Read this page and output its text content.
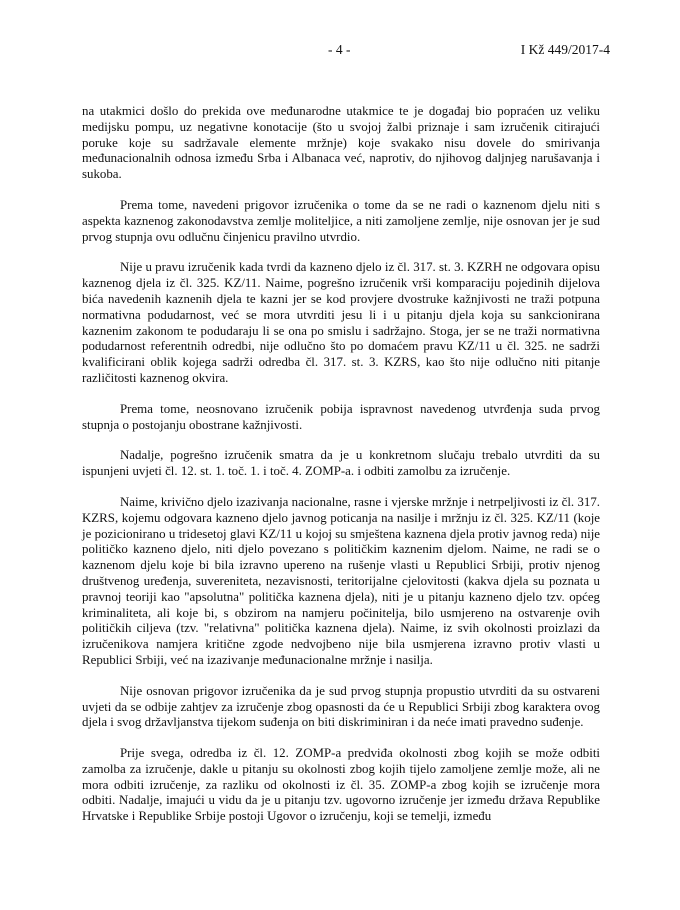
- 4 -	I Kž 449/2017-4

na utakmici došlo do prekida ove međunarodne utakmice te je događaj bio popraćen uz veliku medijsku pompu, uz negativne konotacije (što u svojoj žalbi priznaje i sam izručenik citirajući poruke koje su sadržavale elemente mržnje) koje svakako nisu dovele do smirivanja međunacionalnih odnosa između Srba i Albanaca već, naprotiv, do njihovog daljnjeg narušavanja i sukoba.

Prema tome, navedeni prigovor izručenika o tome da se ne radi o kaznenom djelu niti s aspekta kaznenog zakonodavstva zemlje moliteljice, a niti zamoljene zemlje, nije osnovan jer je sud prvog stupnja ovu odlučnu činjenicu pravilno utvrdio.

Nije u pravu izručenik kada tvrdi da kazneno djelo iz čl. 317. st. 3. KZRH ne odgovara opisu kaznenog djela iz čl. 325. KZ/11. Naime, pogrešno izručenik vrši komparaciju pojedinih dijelova bića navedenih kaznenih djela te kazni jer se kod provjere dvostruke kažnjivosti ne traži potpuna normativna podudarnost, već se mora utvrditi jesu li i u pitanju djela koja su sankcionirana kaznenim zakonom te podudaraju li se ona po smislu i sadržajno. Stoga, jer se ne traži normativna podudarnost referentnih odredbi, nije odlučno što po domaćem pravu KZ/11 u čl. 325. ne sadrži kvalificirani oblik kojega sadrži odredba čl. 317. st. 3. KZRS, kao što nije odlučno niti pitanje različitosti kaznenog okvira.

Prema tome, neosnovano izručenik pobija ispravnost navedenog utvrđenja suda prvog stupnja o postojanju obostrane kažnjivosti.

Nadalje, pogrešno izručenik smatra da je u konkretnom slučaju trebalo utvrditi da su ispunjeni uvjeti čl. 12. st. 1. toč. 1. i toč. 4. ZOMP-a. i odbiti zamolbu za izručenje.

Naime, krivično djelo izazivanja nacionalne, rasne i vjerske mržnje i netrpeljivosti iz čl. 317. KZRS, kojemu odgovara kazneno djelo javnog poticanja na nasilje i mržnju iz čl. 325. KZ/11 (koje je pozicionirano u tridesetoj glavi KZ/11 u kojoj su smještena kaznena djela protiv javnog reda) nije političko kazneno djelo, niti djelo povezano s političkim kaznenim djelom. Naime, ne radi se o kaznenom djelu koje bi bila izravno upereno na rušenje vlasti u Republici Srbiji, protiv njenog društvenog uređenja, suvereniteta, nezavisnosti, teritorijalne cjelovitosti (kakva djela su poznata u pravnoj teoriji kao "apsolutna" politička kaznena djela), niti je u pitanju kazneno djelo tzv. općeg kriminaliteta, ali koje bi, s obzirom na namjeru počinitelja, bilo usmjereno na ostvarenje ovih političkih ciljeva (tzv. "relativna" politička kaznena djela). Naime, iz svih okolnosti proizlazi da izručenikova namjera kritične zgode nedvojbeno nije bila usmjerena izravno protiv vlasti u Republici Srbiji, već na izazivanje međunacionalne mržnje i nasilja.

Nije osnovan prigovor izručenika da je sud prvog stupnja propustio utvrditi da su ostvareni uvjeti da se odbije zahtjev za izručenje zbog opasnosti da će u Republici Srbiji zbog karaktera ovog djela i svog državljanstva tijekom suđenja on biti diskriminiran i da neće imati pravedno suđenje.

Prije svega, odredba iz čl. 12. ZOMP-a predviđa okolnosti zbog kojih se može odbiti zamolba za izručenje, dakle u pitanju su okolnosti zbog kojih tijelo zamoljene zemlje može, ali ne mora odbiti izručenje, za razliku od okolnosti iz čl. 35. ZOMP-a zbog kojih se izručenje mora odbiti. Nadalje, imajući u vidu da je u pitanju tzv. ugovorno izručenje jer između država Republike Hrvatske i Republike Srbije postoji Ugovor o izručenju, koji se temelji, između
